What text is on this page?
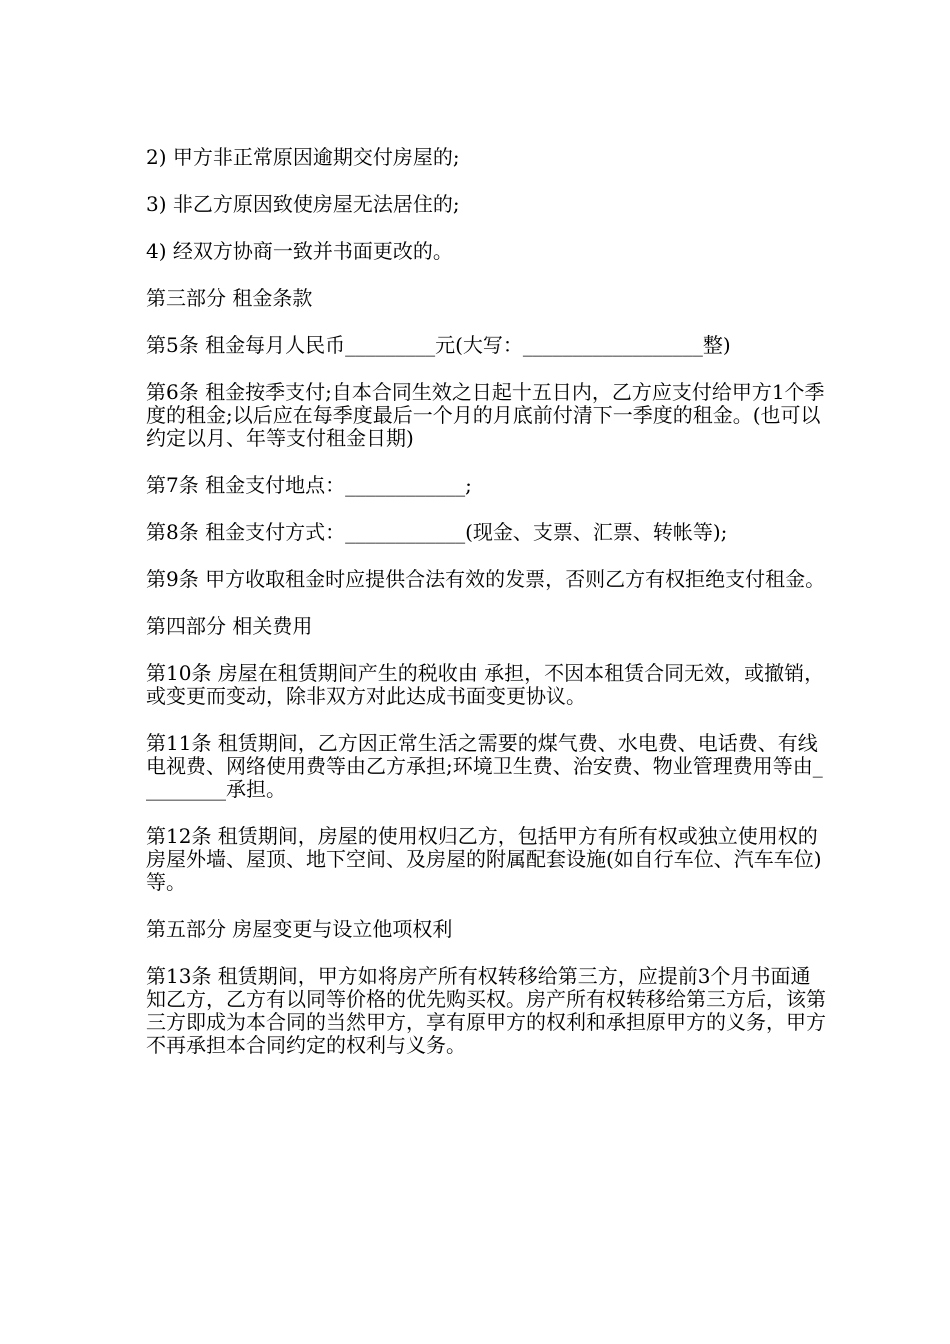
2) 甲方非正常原因逾期交付房屋的;

3) 非乙方原因致使房屋无法居住的;

4) 经双方协商一致并书面更改的。

第三部分 租金条款

第5条 租金每月人民币_________元(大写：__________________整)

第6条 租金按季支付;自本合同生效之日起十五日内，乙方应支付给甲方1个季度的租金;以后应在每季度最后一个月的月底前付清下一季度的租金。(也可以约定以月、年等支付租金日期)

第7条 租金支付地点：____________;

第8条 租金支付方式：____________(现金、支票、汇票、转帐等);

第9条 甲方收取租金时应提供合法有效的发票，否则乙方有权拒绝支付租金。

第四部分 相关费用

第10条 房屋在租赁期间产生的税收由 承担，不因本租赁合同无效，或撤销，或变更而变动，除非双方对此达成书面变更协议。

第11条 租赁期间，乙方因正常生活之需要的煤气费、水电费、电话费、有线电视费、网络使用费等由乙方承担;环境卫生费、治安费、物业管理费用等由_________承担。

第12条 租赁期间，房屋的使用权归乙方，包括甲方有所有权或独立使用权的房屋外墙、屋顶、地下空间、及房屋的附属配套设施(如自行车位、汽车车位)等。

第五部分 房屋变更与设立他项权利

第13条 租赁期间，甲方如将房产所有权转移给第三方，应提前3个月书面通知乙方，乙方有以同等价格的优先购买权。房产所有权转移给第三方后，该第三方即成为本合同的当然甲方，享有原甲方的权利和承担原甲方的义务，甲方不再承担本合同约定的权利与义务。
